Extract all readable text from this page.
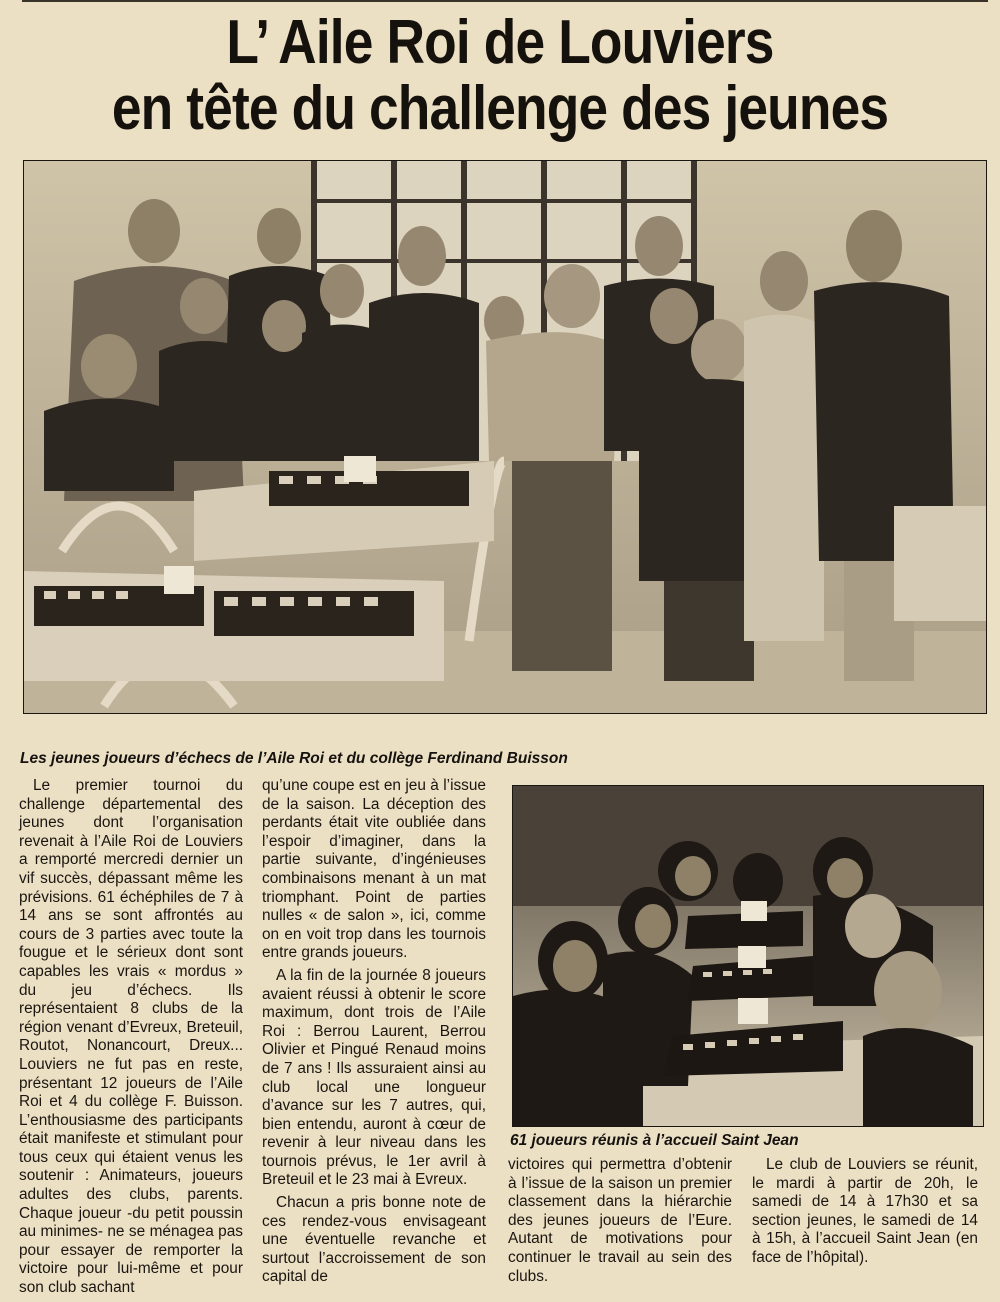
L’ Aile Roi de Louviers
en tête du challenge des jeunes
Les jeunes joueurs d’échecs de l’Aile Roi et du collège Ferdinand Buisson
61 joueurs réunis à l’accueil Saint Jean

Le premier tournoi du challenge départemental des jeunes dont l’organisation revenait à l’Aile Roi de Louviers a remporté mercredi dernier un vif succès, dépassant même les prévisions. 61 échéphiles de 7 à 14 ans se sont affrontés au cours de 3 parties avec toute la fougue et le sérieux dont sont capables les vrais « mordus » du jeu d’échecs. Ils représentaient 8 clubs de la région venant d’Evreux, Breteuil, Routot, Nonancourt, Dreux... Louviers ne fut pas en reste, présentant 12 joueurs de l’Aile Roi et 4 du collège F. Buisson. L’enthousiasme des participants était manifeste et stimulant pour tous ceux qui étaient venus les soutenir : Animateurs, joueurs adultes des clubs, parents. Chaque joueur -du petit poussin au minimes- ne se ménagea pas pour essayer de remporter la victoire pour lui-même et pour son club sachant

qu’une coupe est en jeu à l’issue de la saison. La déception des perdants était vite oubliée dans l’espoir d’imaginer, dans la partie suivante, d’ingénieuses combinaisons menant à un mat triomphant. Point de parties nulles « de salon », ici, comme on en voit trop dans les tournois entre grands joueurs.

A la fin de la journée 8 joueurs avaient réussi à obtenir le score maximum, dont trois de l’Aile Roi : Berrou Laurent, Berrou Olivier et Pingué Renaud moins de 7 ans ! Ils assuraient ainsi au club local une longueur d’avance sur les 7 autres, qui, bien entendu, auront à cœur de revenir à leur niveau dans les tournois prévus, le 1er avril à Breteuil et le 23 mai à Evreux.

Chacun a pris bonne note de ces rendez-vous envisageant une éventuelle revanche et surtout l’accroissement de son capital de

victoires qui permettra d’obtenir à l’issue de la saison un premier classement dans la hiérarchie des jeunes joueurs de l’Eure. Autant de motivations pour continuer le travail au sein des clubs.

Le club de Louviers se réunit, le mardi à partir de 20h, le samedi de 14 à 17h30 et sa section jeunes, le samedi de 14 à 15h, à l’accueil Saint Jean (en face de l’hôpital).
